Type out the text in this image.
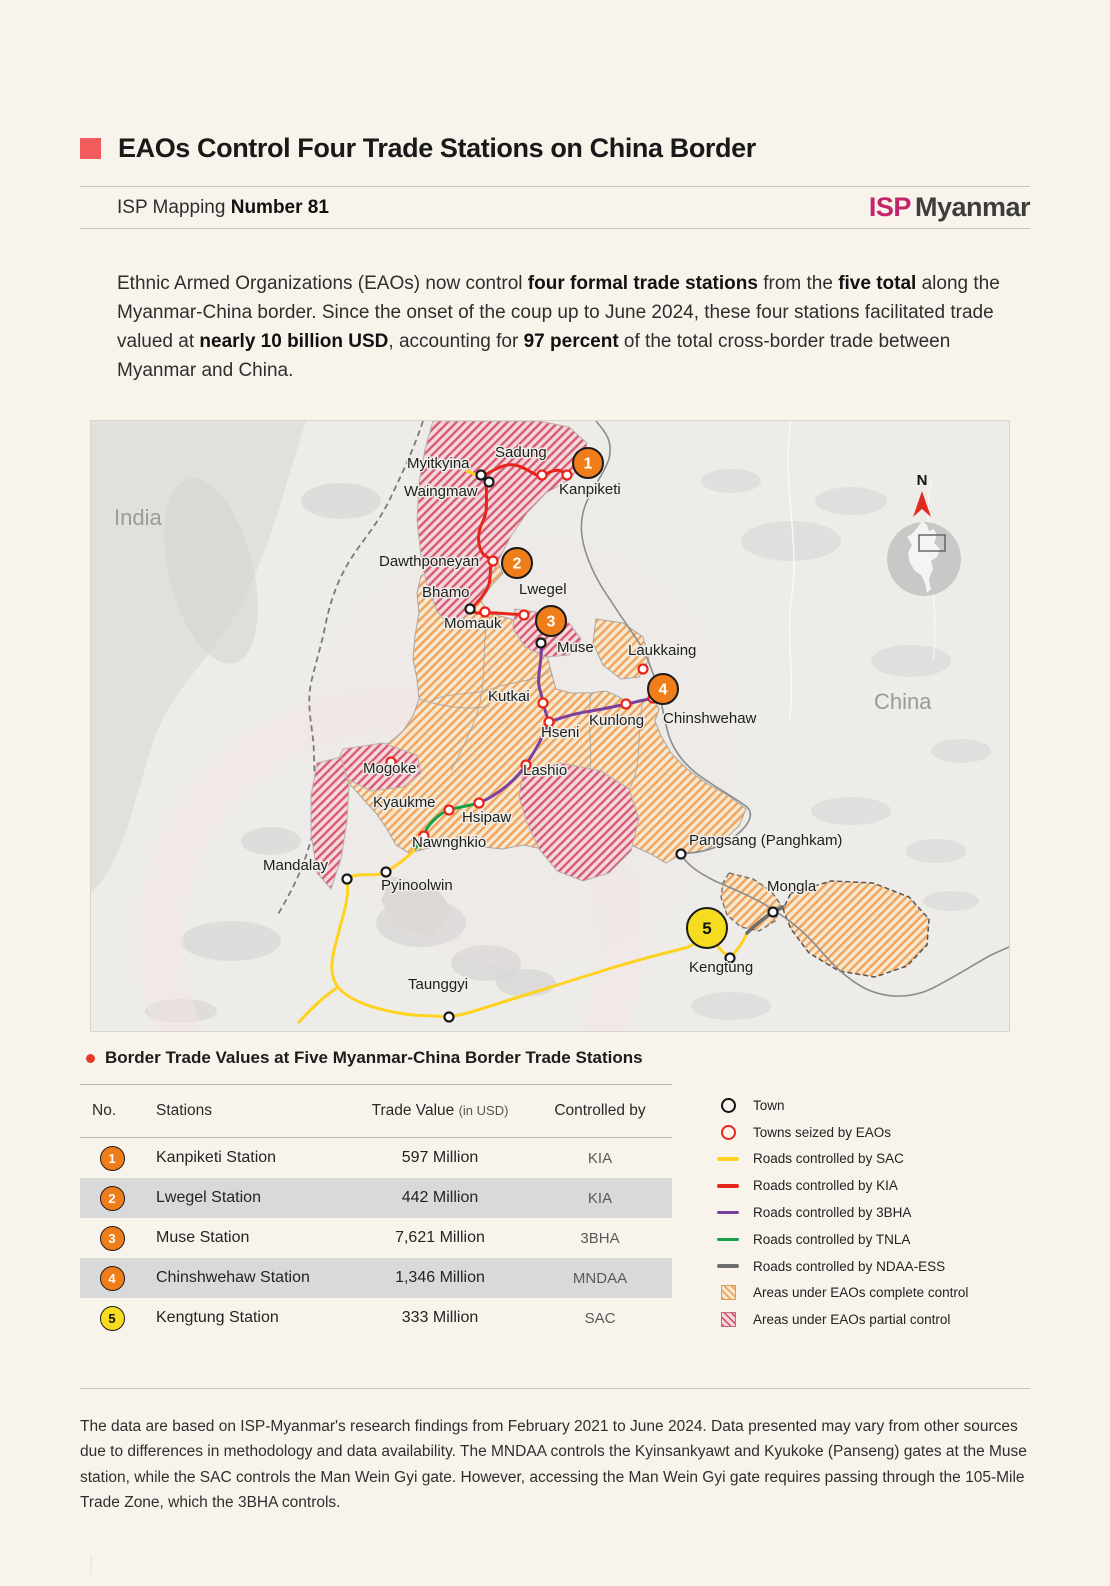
EAOs Control Four Trade Stations on China Border
ISP Mapping Number 81	ISP Myanmar

Ethnic Armed Organizations (EAOs) now control four formal trade stations from the five total along the Myanmar-China border. Since the onset of the coup up to June 2024, these four stations facilitated trade valued at nearly 10 billion USD, accounting for 97 percent of the total cross-border trade between Myanmar and China.

1
2
3
4
5
India
China
Myitkyina
Sadung
Kanpiketi
Waingmaw
Dawthponeyan
Bhamo	Lwegel
Momauk
Muse Laukkaing
Kutkai
Kunlong Chinshwehaw
Hseni
Mogoke	Lashio
Kyaukme
Hsipaw
Nawnghkio
Mandalay
Pyinoolwin
Taunggyi
Pangsang (Panghkam)
Mongla
Kengtung
N
Border Trade Values at Five Myanmar-China Border Trade Stations
No.	Stations	Trade Value (in USD)	Controlled by
1	Kanpiketi Station	597 Million	KIA
2	Lwegel Station	442 Million	KIA
3	Muse Station	7,621 Million	3BHA
4	Chinshwehaw Station	1,346 Million	MNDAA
5	Kengtung Station	333 Million	SAC
Town
Towns seized by EAOs
Roads controlled by SAC
Roads controlled by KIA
Roads controlled by 3BHA
Roads controlled by TNLA
Roads controlled by NDAA-ESS
Areas under EAOs complete control
Areas under EAOs partial control

The data are based on ISP-Myanmar's research findings from February 2021 to June 2024. Data presented may vary from other sources due to differences in methodology and data availability. The MNDAA controls the Kyinsankyawt and Kyukoke (Panseng) gates at the Muse station, while the SAC controls the Man Wein Gyi gate. However, accessing the Man Wein Gyi gate requires passing through the 105-Mile Trade Zone, which the 3BHA controls.
